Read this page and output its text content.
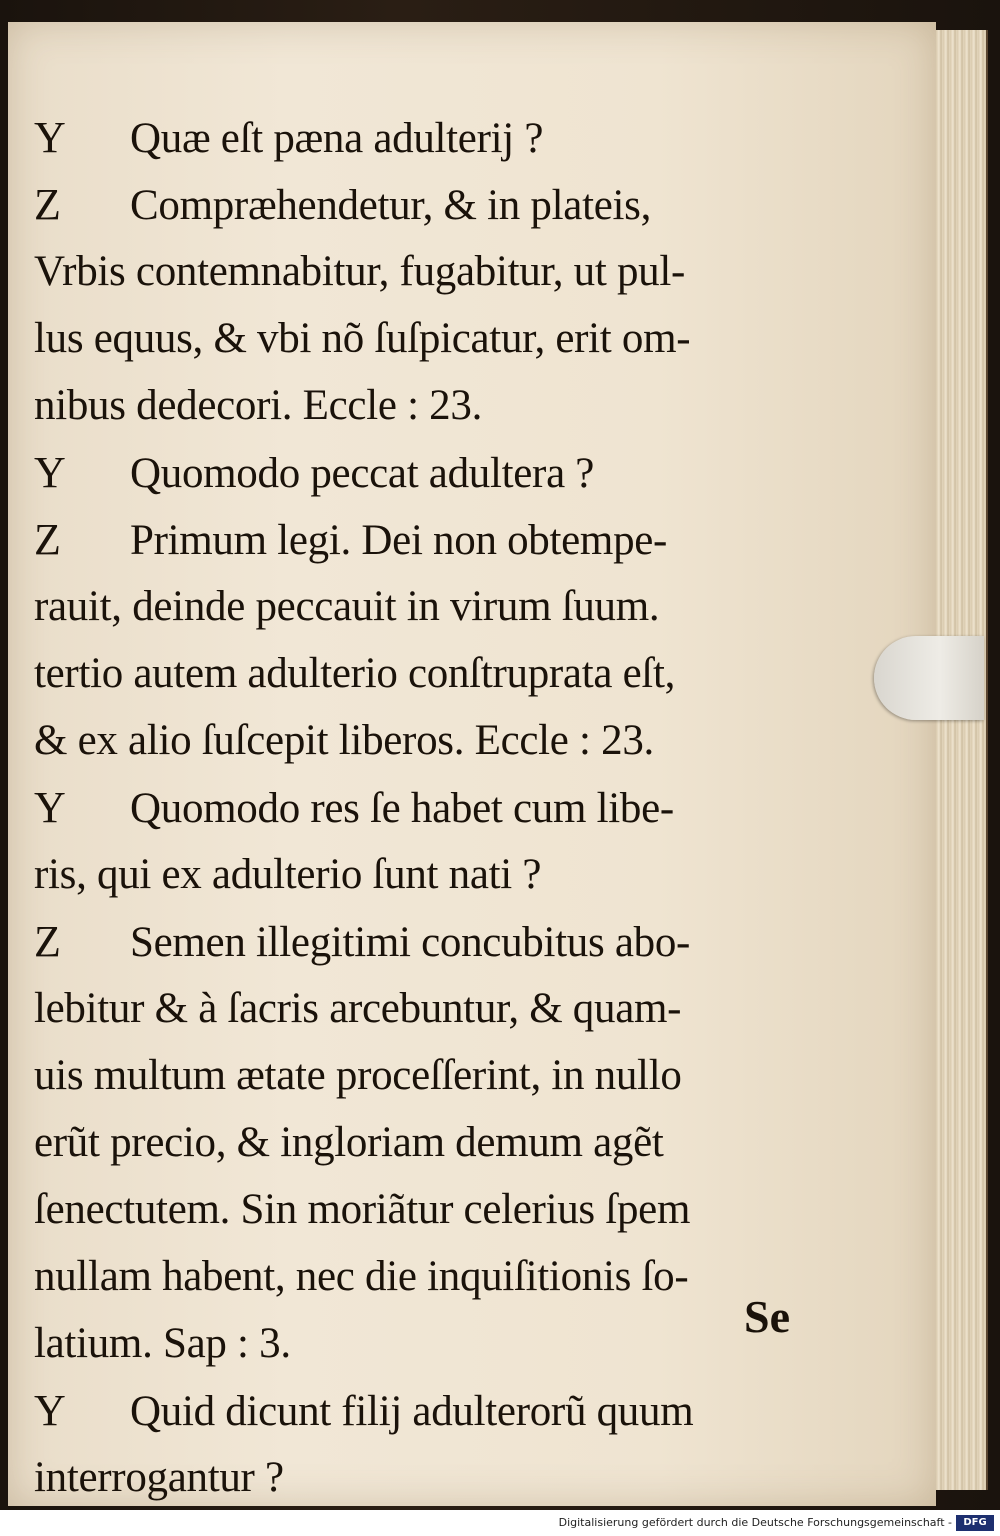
Y Quæ eſt pæna adulterij ?
Z Compræhendetur, & in plateis,
Vrbis contemnabitur, fugabitur, ut pul-
lus equus, & vbi nõ ſuſpicatur, erit om-
nibus dedecori. Eccle : 23.
Y Quomodo peccat adultera ?
Z Primum legi. Dei non obtempe-
rauit, deinde peccauit in virum ſuum.
tertio autem adulterio conſtruprata eſt,
& ex alio ſuſcepit liberos. Eccle : 23.
Y Quomodo res ſe habet cum libe-
ris, qui ex adulterio ſunt nati ?
Z Semen illegitimi concubitus abo-
lebitur & à ſacris arcebuntur, & quam-
uis multum ætate proceſſerint, in nullo
erũt precio, & ingloriam demum agẽt
ſenectutem. Sin moriãtur celerius ſpem
nullam habent, nec die inquiſitionis ſo-
latium. Sap : 3.
Y Quid dicunt filij adulterorũ quum
interrogantur ?
Se
Digitalisierung gefördert durch die Deutsche Forschungsgemeinschaft -	DFG
